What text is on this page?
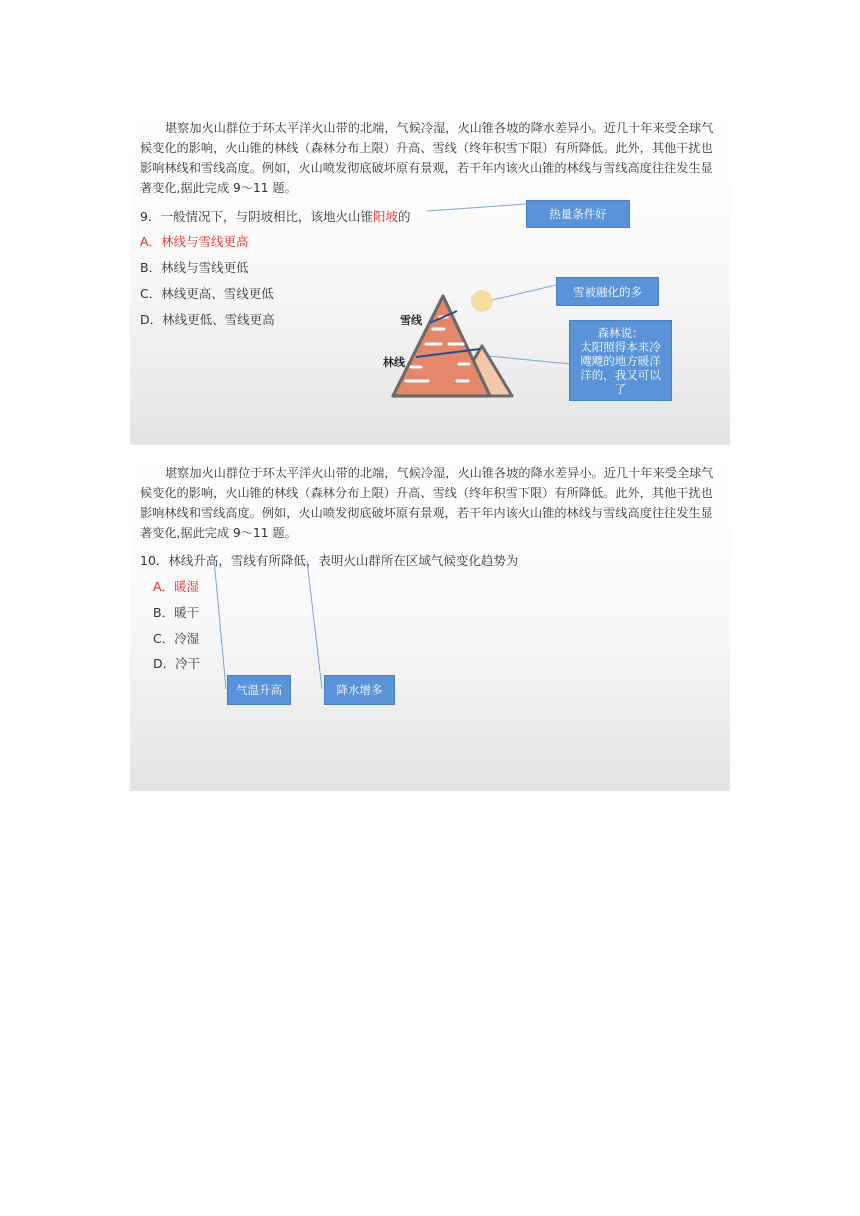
堪察加火山群位于环太平洋火山带的北端，气候冷湿，火山锥各坡的降水差异小。近几十年来受全球气候变化的影响，火山锥的林线（森林分布上限）升高、雪线（终年积雪下限）有所降低。此外，其他干扰也影响林线和雪线高度。例如，火山喷发彻底破坏原有景观，若干年内该火山锥的林线与雪线高度往往发生显著变化,据此完成 9～11 题。

9．一般情况下，与阴坡相比，该地火山锥阳坡的
A．林线与雪线更高
B．林线与雪线更低
C．林线更高、雪线更低
D．林线更低、雪线更高	雪线
林线
热量条件好
雪被融化的多
森林说：
太阳照得本来冷飕飕的地方暖洋洋的，我又可以了

堪察加火山群位于环太平洋火山带的北端，气候冷湿，火山锥各坡的降水差异小。近几十年来受全球气候变化的影响，火山锥的林线（森林分布上限）升高、雪线（终年积雪下限）有所降低。此外，其他干扰也影响林线和雪线高度。例如，火山喷发彻底破坏原有景观，若干年内该火山锥的林线与雪线高度往往发生显著变化,据此完成 9～11 题。

10．林线升高，雪线有所降低，表明火山群所在区域气候变化趋势为
A．暖湿
B．暖干
C．冷湿
D．冷干
气温升高	降水增多
